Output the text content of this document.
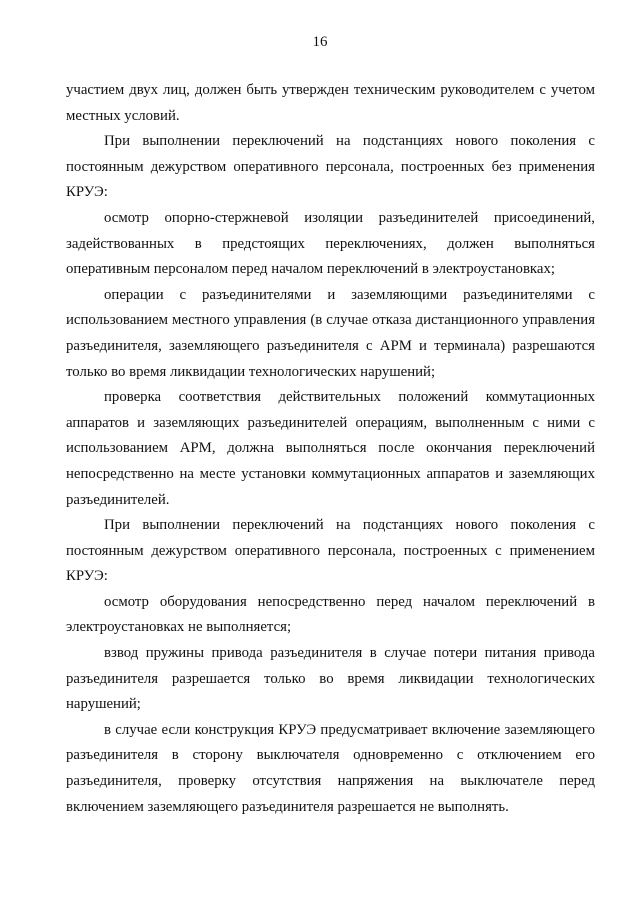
16

участием двух лиц, должен быть утвержден техническим руководителем с учетом местных условий.

При выполнении переключений на подстанциях нового поколения с постоянным дежурством оперативного персонала, построенных без применения КРУЭ:

осмотр опорно-стержневой изоляции разъединителей присоединений, задействованных в предстоящих переключениях, должен выполняться оперативным персоналом перед началом переключений в электроустановках;

операции с разъединителями и заземляющими разъединителями с использованием местного управления (в случае отказа дистанционного управления разъединителя, заземляющего разъединителя с АРМ и терминала) разрешаются только во время ликвидации технологических нарушений;

проверка соответствия действительных положений коммутационных аппаратов и заземляющих разъединителей операциям, выполненным с ними с использованием АРМ, должна выполняться после окончания переключений непосредственно на месте установки коммутационных аппаратов и заземляющих разъединителей.

При выполнении переключений на подстанциях нового поколения с постоянным дежурством оперативного персонала, построенных с применением КРУЭ:

осмотр оборудования непосредственно перед началом переключений в электроустановках не выполняется;

взвод пружины привода разъединителя в случае потери питания привода разъединителя разрешается только во время ликвидации технологических нарушений;

в случае если конструкция КРУЭ предусматривает включение заземляющего разъединителя в сторону выключателя одновременно с отключением его разъединителя, проверку отсутствия напряжения на выключателе перед включением заземляющего разъединителя разрешается не выполнять.
